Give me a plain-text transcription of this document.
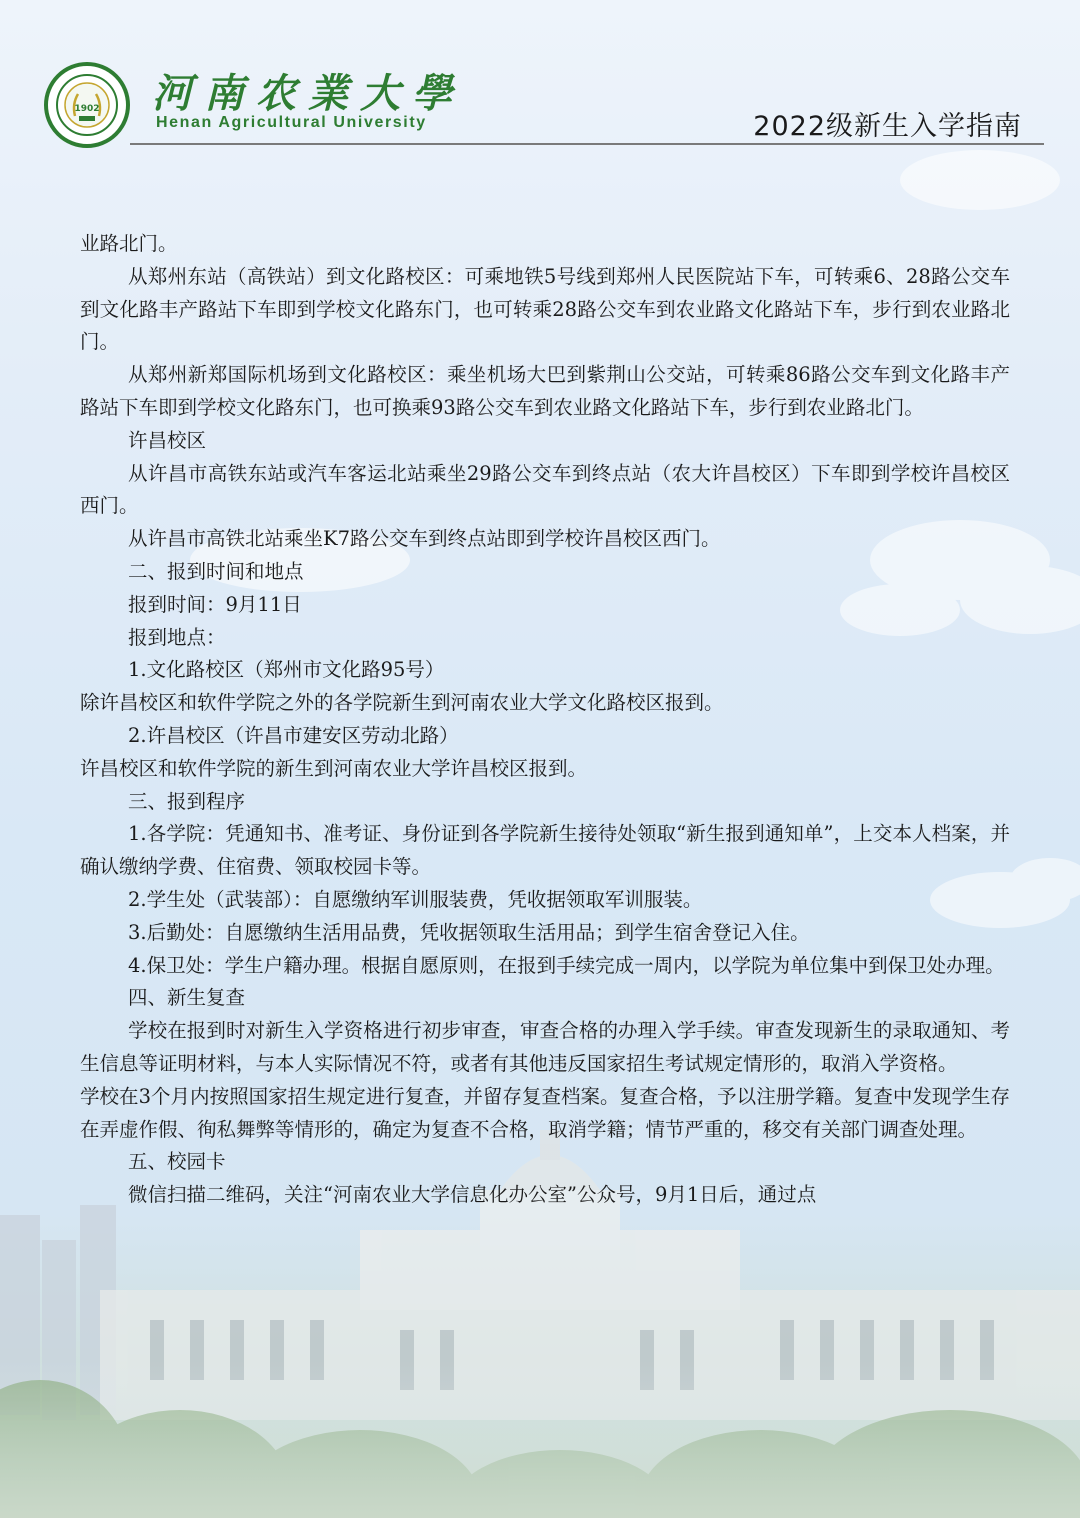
1902	河南农業大學
Henan Agricultural University	2022级新生入学指南

业路北门。

从郑州东站（高铁站）到文化路校区：可乘地铁5号线到郑州人民医院站下车，可转乘6、28路公交车到文化路丰产路站下车即到学校文化路东门，也可转乘28路公交车到农业路文化路站下车，步行到农业路北门。

从郑州新郑国际机场到文化路校区：乘坐机场大巴到紫荆山公交站，可转乘86路公交车到文化路丰产路站下车即到学校文化路东门，也可换乘93路公交车到农业路文化路站下车，步行到农业路北门。

许昌校区

从许昌市高铁东站或汽车客运北站乘坐29路公交车到终点站（农大许昌校区）下车即到学校许昌校区西门。

从许昌市高铁北站乘坐K7路公交车到终点站即到学校许昌校区西门。

二、报到时间和地点

报到时间：9月11日

报到地点：

1.文化路校区（郑州市文化路95号）

除许昌校区和软件学院之外的各学院新生到河南农业大学文化路校区报到。

2.许昌校区（许昌市建安区劳动北路）

许昌校区和软件学院的新生到河南农业大学许昌校区报到。

三、报到程序

1.各学院：凭通知书、准考证、身份证到各学院新生接待处领取“新生报到通知单”，上交本人档案，并确认缴纳学费、住宿费、领取校园卡等。

2.学生处（武装部）：自愿缴纳军训服装费，凭收据领取军训服装。

3.后勤处：自愿缴纳生活用品费，凭收据领取生活用品；到学生宿舍登记入住。

4.保卫处：学生户籍办理。根据自愿原则，在报到手续完成一周内，以学院为单位集中到保卫处办理。

四、新生复查

学校在报到时对新生入学资格进行初步审查，审查合格的办理入学手续。审查发现新生的录取通知、考生信息等证明材料，与本人实际情况不符，或者有其他违反国家招生考试规定情形的，取消入学资格。

学校在3个月内按照国家招生规定进行复查，并留存复查档案。复查合格，予以注册学籍。复查中发现学生存在弄虚作假、徇私舞弊等情形的，确定为复查不合格，取消学籍；情节严重的，移交有关部门调查处理。

五、校园卡

微信扫描二维码，关注“河南农业大学信息化办公室”公众号，9月1日后，通过点
